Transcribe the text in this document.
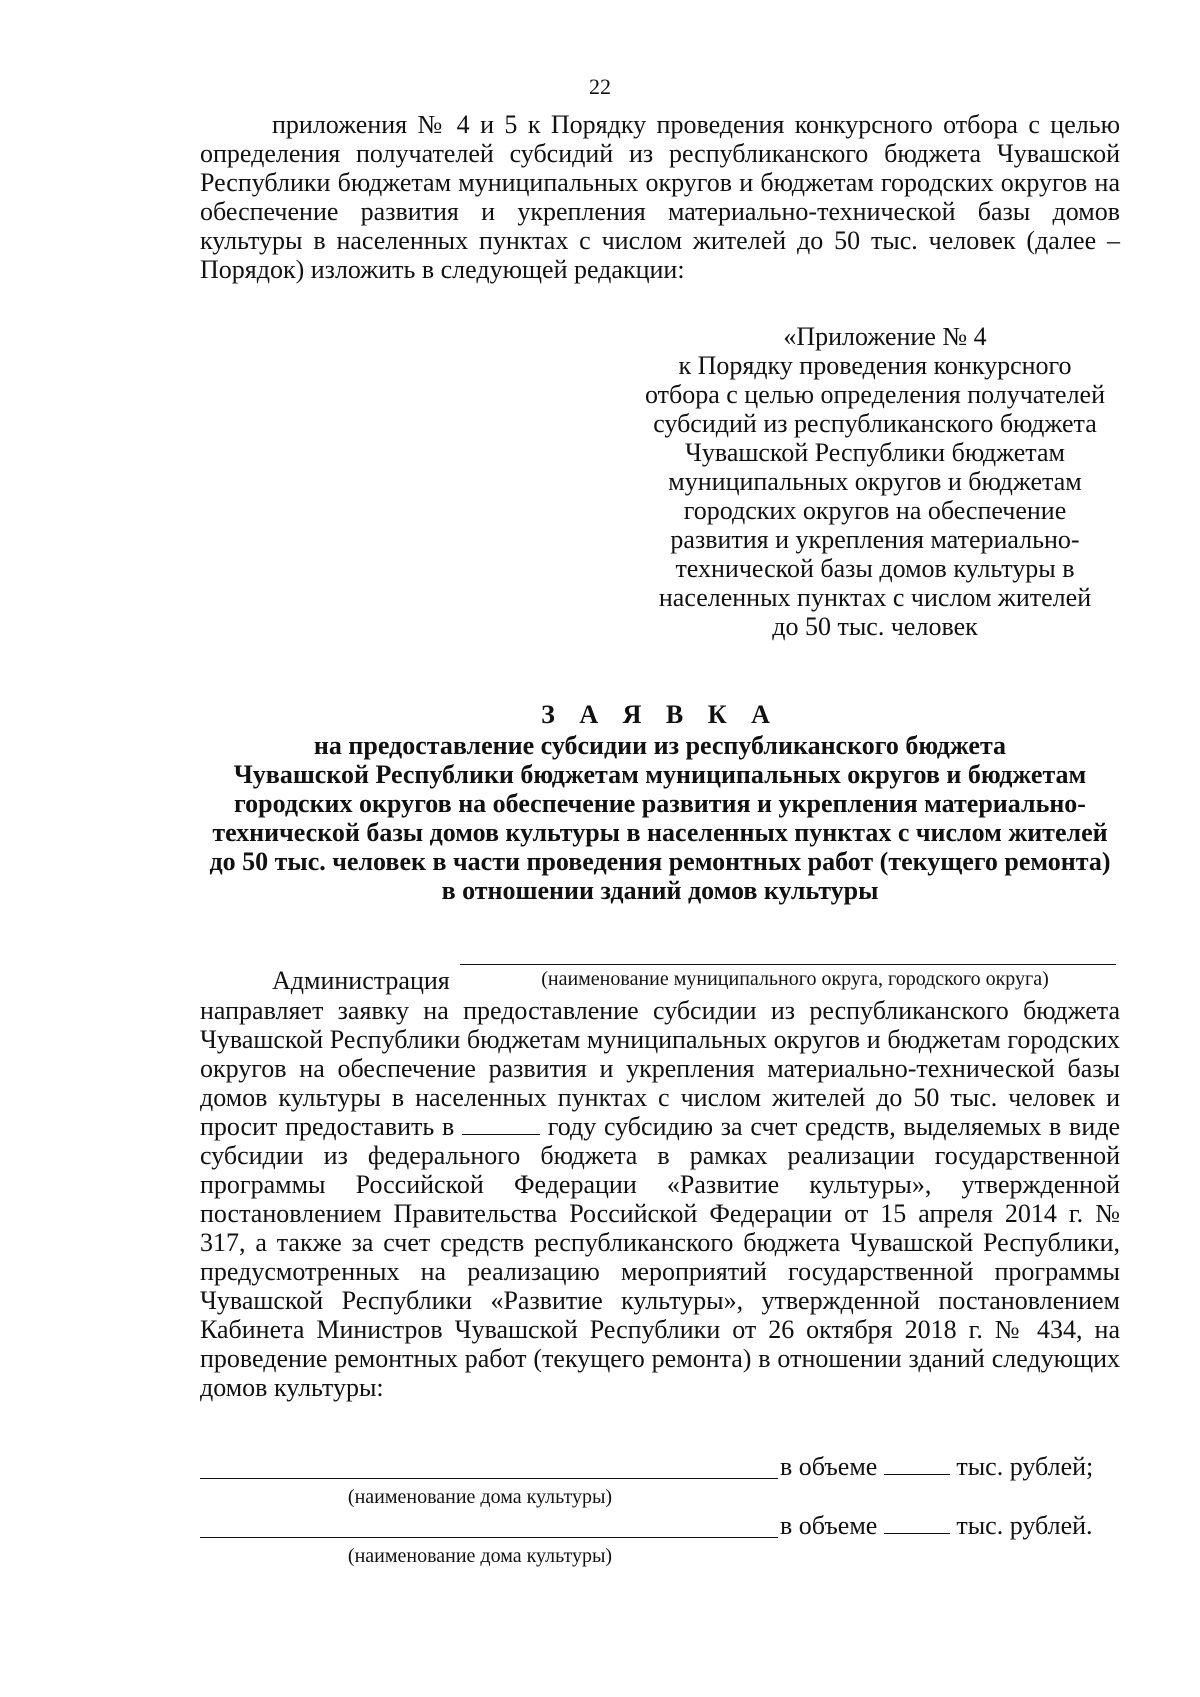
22
приложения № 4 и 5 к Порядку проведения конкурсного отбора с целью определения получателей субсидий из республиканского бюджета Чувашской Республики бюджетам муниципальных округов и бюджетам городских округов на обеспечение развития и укрепления материально-технической базы домов культуры в населенных пунктах с числом жителей до 50 тыс. человек (далее – Порядок) изложить в следующей редакции:
«Приложение № 4
к Порядку проведения конкурсного
отбора с целью определения получателей
субсидий из республиканского бюджета
Чувашской Республики бюджетам
муниципальных округов и бюджетам
городских округов на обеспечение
развития и укрепления материально-
технической базы домов культуры в
населенных пунктах с числом жителей
до 50 тыс. человек
З А Я В К А
на предоставление субсидии из республиканского бюджета
Чувашской Республики бюджетам муниципальных округов и бюджетам
городских округов на обеспечение развития и укрепления материально-
технической базы домов культуры в населенных пунктах с числом жителей
до 50 тыс. человек в части проведения ремонтных работ (текущего ремонта)
в отношении зданий домов культуры
Администрация	(наименование муниципального округа, городского округа)
направляет заявку на предоставление субсидии из республиканского бюджета Чувашской Республики бюджетам муниципальных округов и бюджетам городских округов на обеспечение развития и укрепления материально-технической базы домов культуры в населенных пунктах с числом жителей до 50 тыс. человек и просит предоставить в	году субсидию за счет средств, выделяемых в виде субсидии из федерального бюджета в рамках реализации государственной программы Российской Федерации «Развитие культуры», утвержденной постановлением Правительства Российской Федерации от 15 апреля 2014 г. № 317, а также за счет средств республиканского бюджета Чувашской Республики, предусмотренных на реализацию мероприятий государственной программы Чувашской Республики «Развитие культуры», утвержденной постановлением Кабинета Министров Чувашской Республики от 26 октября 2018 г. № 434, на проведение ремонтных работ (текущего ремонта) в отношении зданий следующих домов культуры:
в объеме	тыс. рублей;
(наименование дома культуры)
в объеме	тыс. рублей.
(наименование дома культуры)
